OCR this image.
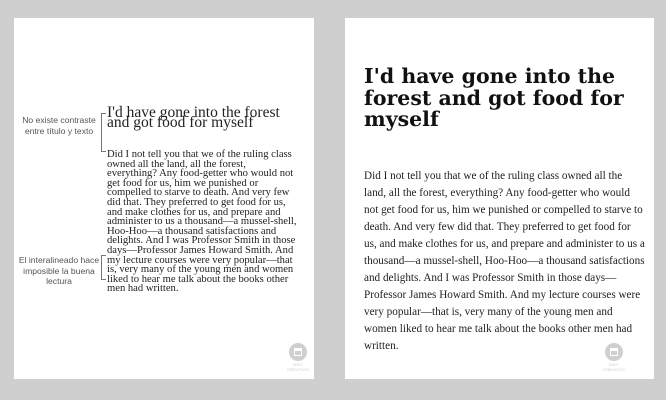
No existe contraste entre título y texto
I'd have gone into the forest and got food for myself

Did I not tell you that we of the ruling class owned all the land, all the forest, everything? Any food-getter who would not get food for us, him we punished or compelled to starve to death. And very few did that. They preferred to get food for us, and make clothes for us, and prepare and administer to us a thousand—a mussel-shell, Hoo-Hoo—a thousand satisfactions and delights. And I was Professor Smith in those days—Professor James Howard Smith. And my lecture courses were very popular—that is, very many of the young men and women liked to hear me talk about the books other men had written.

El interalineado hace imposible la buena lectura
DEO CREATIVO
I'd have gone into the forest and got food for myself

Did I not tell you that we of the ruling class owned all the land, all the forest, everything? Any food-getter who would not get food for us, him we punished or compelled to starve to death. And very few did that. They preferred to get food for us, and make clothes for us, and prepare and administer to us a thousand—a mussel-shell, Hoo-Hoo—a thousand satisfactions and delights. And I was Professor Smith in those days—Professor James Howard Smith. And my lecture courses were very popular—that is, very many of the young men and women liked to hear me talk about the books other men had written.

DEO CREATIVO
